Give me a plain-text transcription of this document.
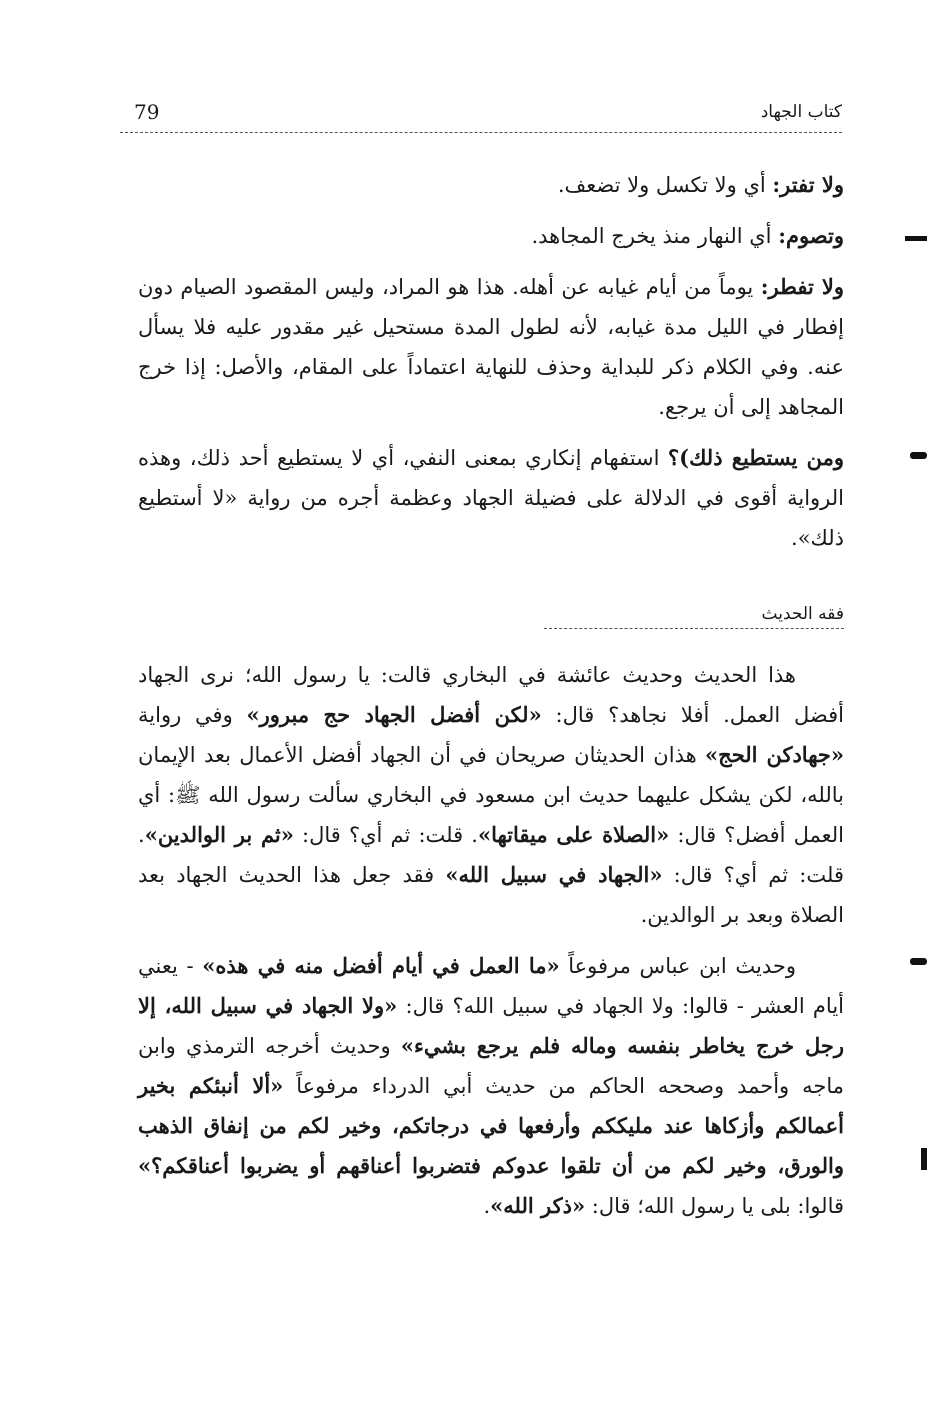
79	كتاب الجهاد

ولا تفتر: أي ولا تكسل ولا تضعف.

وتصوم: أي النهار منذ يخرج المجاهد.

ولا تفطر: يوماً من أيام غيابه عن أهله. هذا هو المراد، وليس المقصود الصيام دون إفطار في الليل مدة غيابه، لأنه لطول المدة مستحيل غير مقدور عليه فلا يسأل عنه. وفي الكلام ذكر للبداية وحذف للنهاية اعتماداً على المقام، والأصل: إذا خرج المجاهد إلى أن يرجع.

ومن يستطيع ذلك)؟ استفهام إنكاري بمعنى النفي، أي لا يستطيع أحد ذلك، وهذه الرواية أقوى في الدلالة على فضيلة الجهاد وعظمة أجره من رواية «لا أستطيع ذلك».

فقه الحديث

هذا الحديث وحديث عائشة في البخاري قالت: يا رسول الله؛ نرى الجهاد أفضل العمل. أفلا نجاهد؟ قال: «لكن أفضل الجهاد حج مبرور» وفي رواية «جهادكن الحج» هذان الحديثان صريحان في أن الجهاد أفضل الأعمال بعد الإيمان بالله، لكن يشكل عليهما حديث ابن مسعود في البخاري سألت رسول الله ﷺ: أي العمل أفضل؟ قال: «الصلاة على ميقاتها». قلت: ثم أي؟ قال: «ثم بر الوالدين». قلت: ثم أي؟ قال: «الجهاد في سبيل الله» فقد جعل هذا الحديث الجهاد بعد الصلاة وبعد بر الوالدين.

وحديث ابن عباس مرفوعاً «ما العمل في أيام أفضل منه في هذه» - يعني أيام العشر - قالوا: ولا الجهاد في سبيل الله؟ قال: «ولا الجهاد في سبيل الله، إلا رجل خرج يخاطر بنفسه وماله فلم يرجع بشيء» وحديث أخرجه الترمذي وابن ماجه وأحمد وصححه الحاكم من حديث أبي الدرداء مرفوعاً «ألا أنبئكم بخير أعمالكم وأزكاها عند مليككم وأرفعها في درجاتكم، وخير لكم من إنفاق الذهب والورق، وخير لكم من أن تلقوا عدوكم فتضربوا أعناقهم أو يضربوا أعناقكم؟» قالوا: بلى يا رسول الله؛ قال: «ذكر الله».
